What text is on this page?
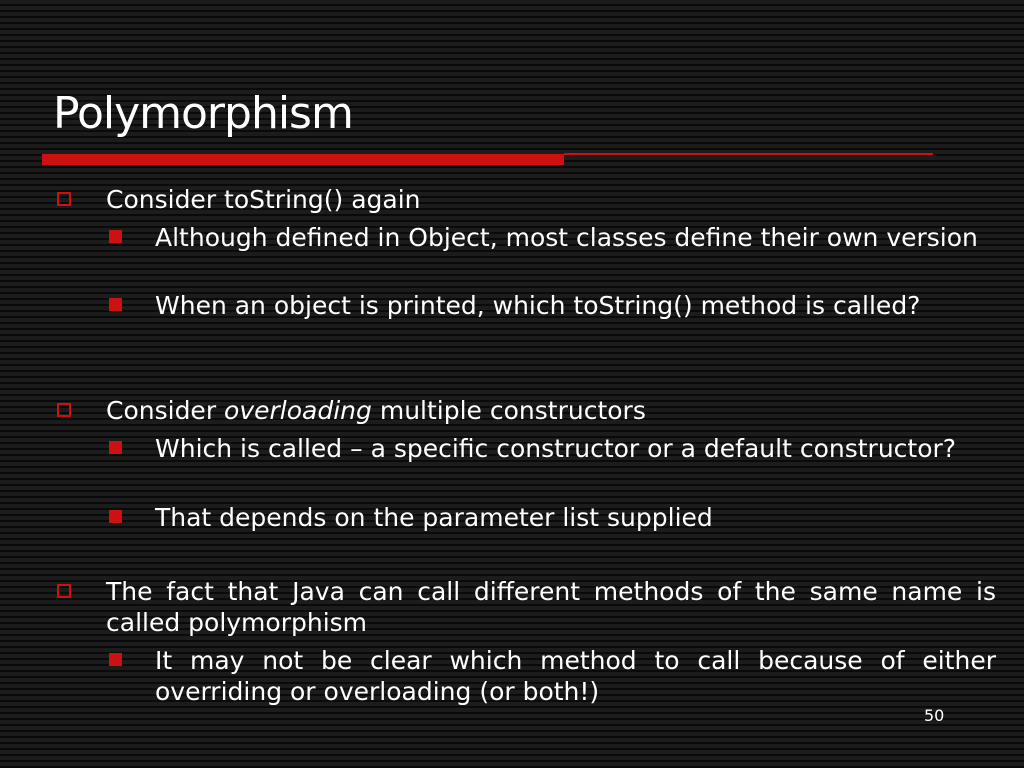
Polymorphism
Consider toString() again
Although defined in Object, most classes define their own version
When an object is printed, which toString() method is called?
Consider overloading multiple constructors
Which is called – a specific constructor or a default constructor?
That depends on the parameter list supplied
The fact that Java can call different methods of the same name is called polymorphism
It may not be clear which method to call because of either overriding or overloading (or both!)
50
